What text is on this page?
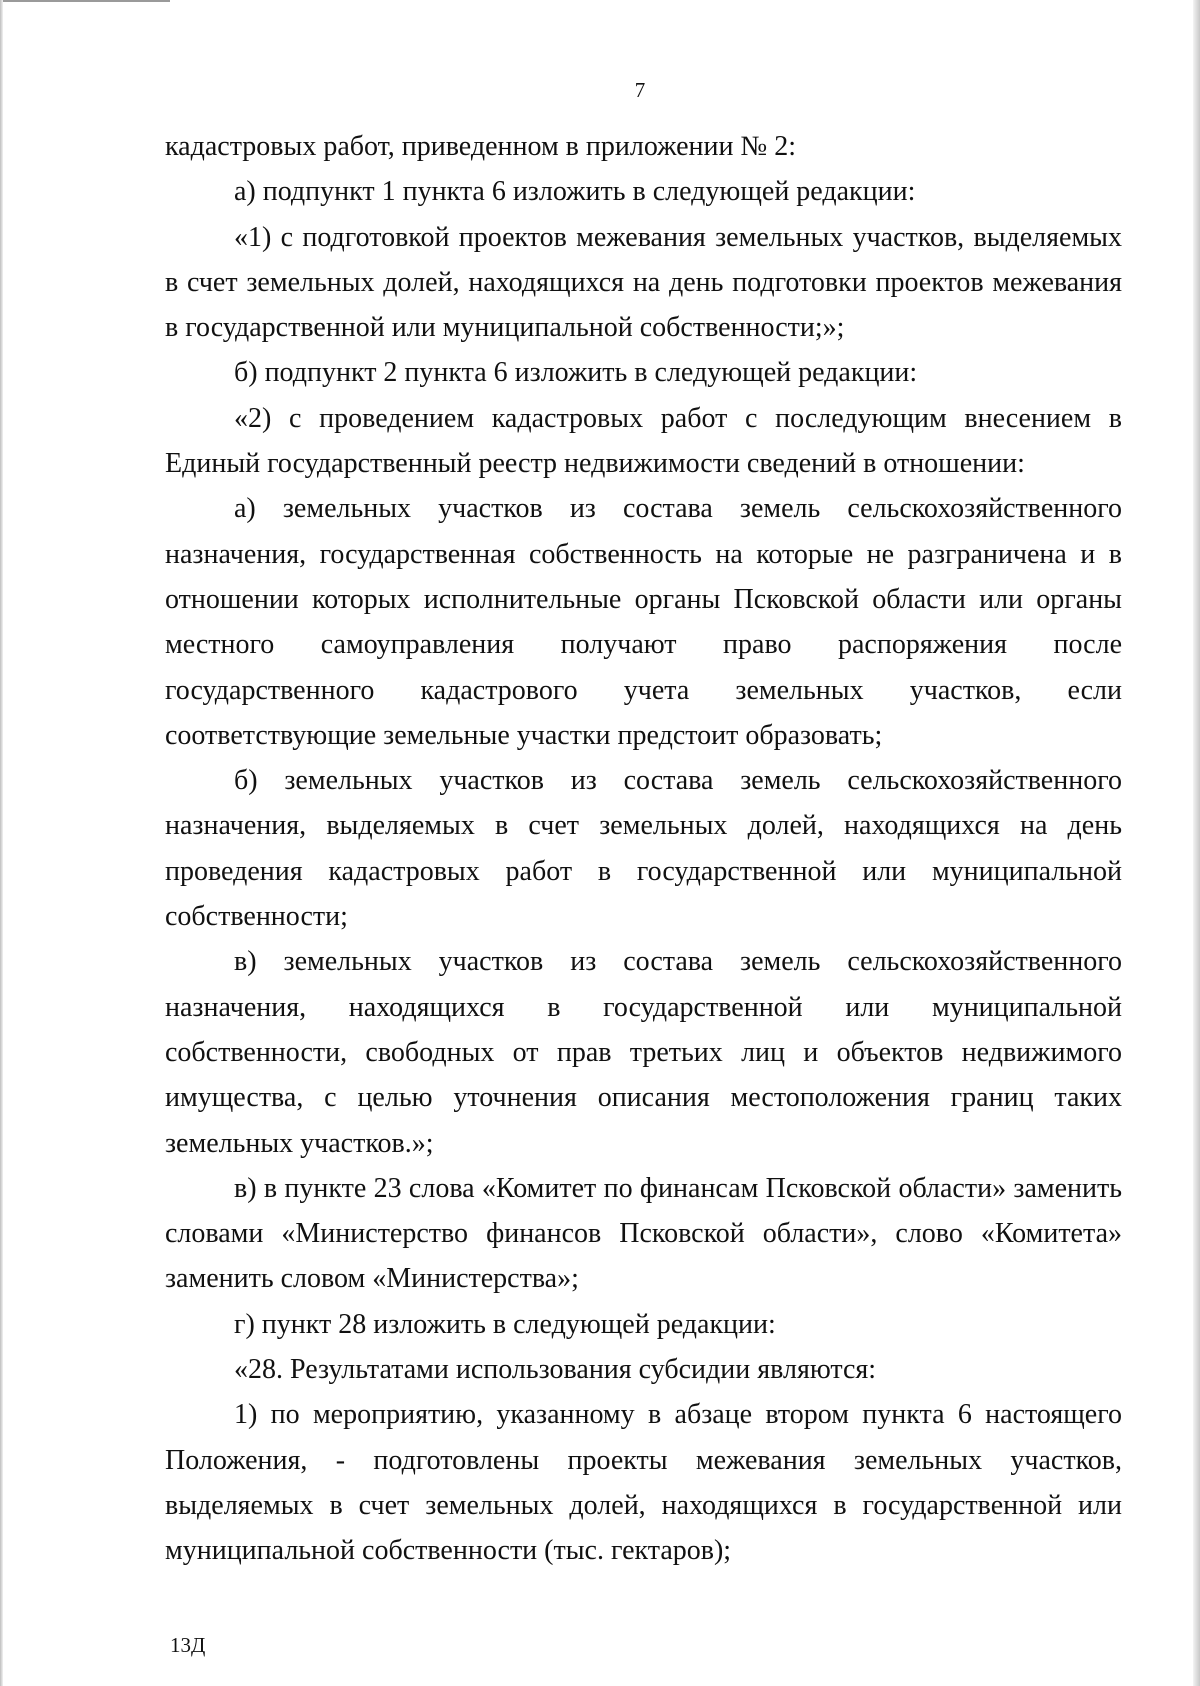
7

кадастровых работ, приведенном в приложении № 2:

а) подпункт 1 пункта 6 изложить в следующей редакции:

«1) с подготовкой проектов межевания земельных участков, выделяемых в счет земельных долей, находящихся на день подготовки проектов межевания в государственной или муниципальной собственности;»;

б) подпункт 2 пункта 6 изложить в следующей редакции:

«2) с проведением кадастровых работ с последующим внесением в Единый государственный реестр недвижимости сведений в отношении:

а) земельных участков из состава земель сельскохозяйственного назначения, государственная собственность на которые не разграничена и в отношении которых исполнительные органы Псковской области или органы местного самоуправления получают право распоряжения после государственного кадастрового учета земельных участков, если соответствующие земельные участки предстоит образовать;

б) земельных участков из состава земель сельскохозяйственного назначения, выделяемых в счет земельных долей, находящихся на день проведения кадастровых работ в государственной или муниципальной собственности;

в) земельных участков из состава земель сельскохозяйственного назначения, находящихся в государственной или муниципальной собственности, свободных от прав третьих лиц и объектов недвижимого имущества, с целью уточнения описания местоположения границ таких земельных участков.»;

в) в пункте 23 слова «Комитет по финансам Псковской области» заменить словами «Министерство финансов Псковской области», слово «Комитета» заменить словом «Министерства»;

г) пункт 28 изложить в следующей редакции:

«28. Результатами использования субсидии являются:

1) по мероприятию, указанному в абзаце втором пункта 6 настоящего Положения, - подготовлены проекты межевания земельных участков, выделяемых в счет земельных долей, находящихся в государственной или муниципальной собственности (тыс. гектаров);

13Д
